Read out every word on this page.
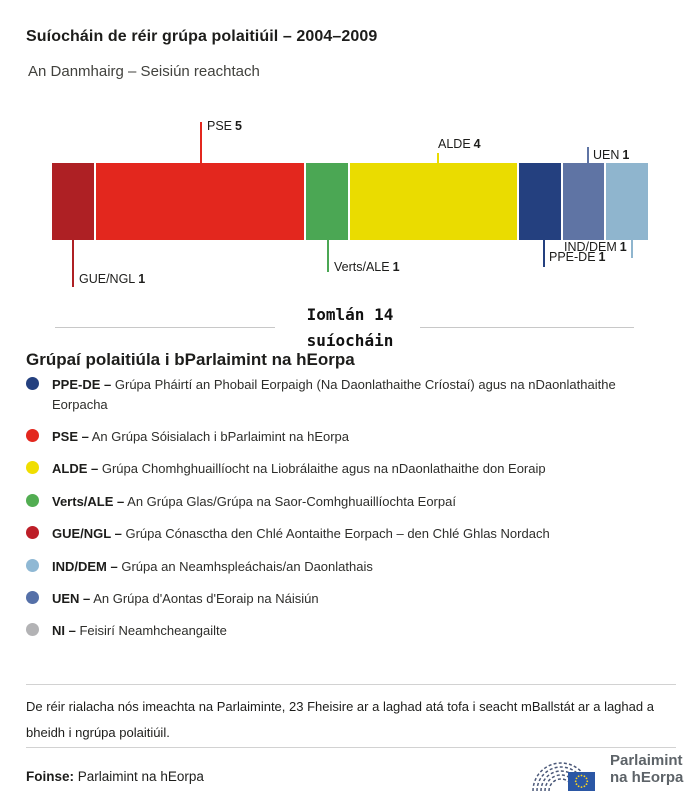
Suíocháin de réir grúpa polaitiúil – 2004–2009
An Danmhairg – Seisiún reachtach
PSE 5
ALDE 4
UEN 1
GUE/NGL 1
Verts/ALE 1
PPE-DE 1
IND/DEM 1
Iomlán 14
suíocháin
Grúpaí polaitiúla i bParlaimint na hEorpa
PPE-DE – Grúpa Pháirtí an Phobail Eorpaigh (Na Daonlathaithe Críostaí) agus na nDaonlathaithe Eorpacha
PSE – An Grúpa Sóisialach i bParlaimint na hEorpa
ALDE – Grúpa Chomhghuaillíocht na Liobrálaithe agus na nDaonlathaithe don Eoraip
Verts/ALE – An Grúpa Glas/Grúpa na Saor-Comhghuaillíochta Eorpaí
GUE/NGL – Grúpa Cónasctha den Chlé Aontaithe Eorpach – den Chlé Ghlas Nordach
IND/DEM – Grúpa an Neamhspleáchais/an Daonlathais
UEN – An Grúpa d'Aontas d'Eoraip na Náisiún
NI – Feisirí Neamhcheangailte
De réir rialacha nós imeachta na Parlaiminte, 23 Fheisire ar a laghad atá tofa i seacht mBallstát ar a laghad a bheidh i ngrúpa polaitiúil.
Foinse: Parlaimint na hEorpa
Parlaimint
na hEorpa
